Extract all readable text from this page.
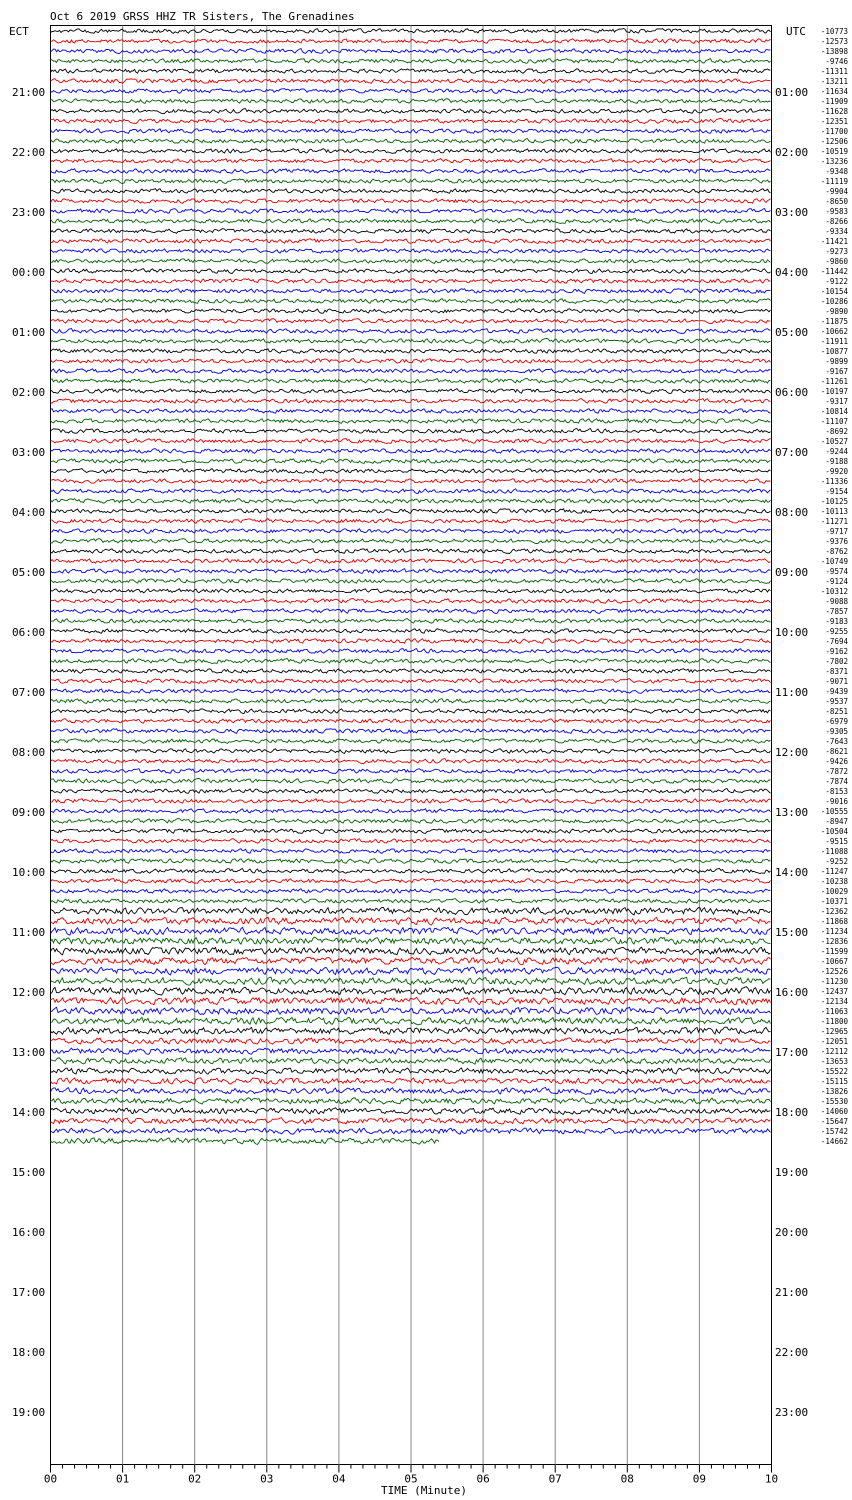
Oct 6 2019 GRSS HHZ TR Sisters, The Grenadines
ECT	UTC
21:00
22:00
23:00
00:00
01:00
02:00
03:00
04:00
05:00
06:00
07:00
08:00
09:00
10:00
11:00
12:00
13:00
14:00
15:00
16:00
17:00
18:00
19:00
01:00
02:00
03:00
04:00
05:00
06:00
07:00
08:00
09:00
10:00
11:00
12:00
13:00
14:00
15:00
16:00
17:00
18:00
19:00
20:00
21:00
22:00
23:00
-10773
-12573
-13898
-9746
-11311
-13211
-11634
-11909
-11628
-12351
-11700
-12506
-10519
-13236
-9348
-11119
-9904
-8650
-9583
-8266
-9334
-11421
-9273
-9860
-11442
-9122
-10154
-10286
-9890
-11875
-10662
-11911
-10877
-9899
-9167
-11261
-10197
-9317
-10814
-11107
-8692
-10527
-9244
-9188
-9920
-11336
-9154
-10125
-10113
-11271
-9717
-9376
-8762
-10749
-9574
-9124
-10312
-9088
-7857
-9183
-9255
-7694
-9162
-7802
-8371
-9071
-9439
-9537
-8251
-6979
-9305
-7643
-8621
-9426
-7872
-7874
-8153
-9016
-10555
-8947
-10504
-9515
-11088
-9252
-11247
-10238
-10029
-10371
-12362
-11868
-11234
-12836
-11599
-10667
-12526
-11230
-12437
-12134
-11063
-11800
-12965
-12051
-12112
-13653
-15522
-15115
-13826
-15530
-14060
-15647
-15742
-14662
00	01	02	03	04	05	06	07	08	09	10
TIME (Minute)
